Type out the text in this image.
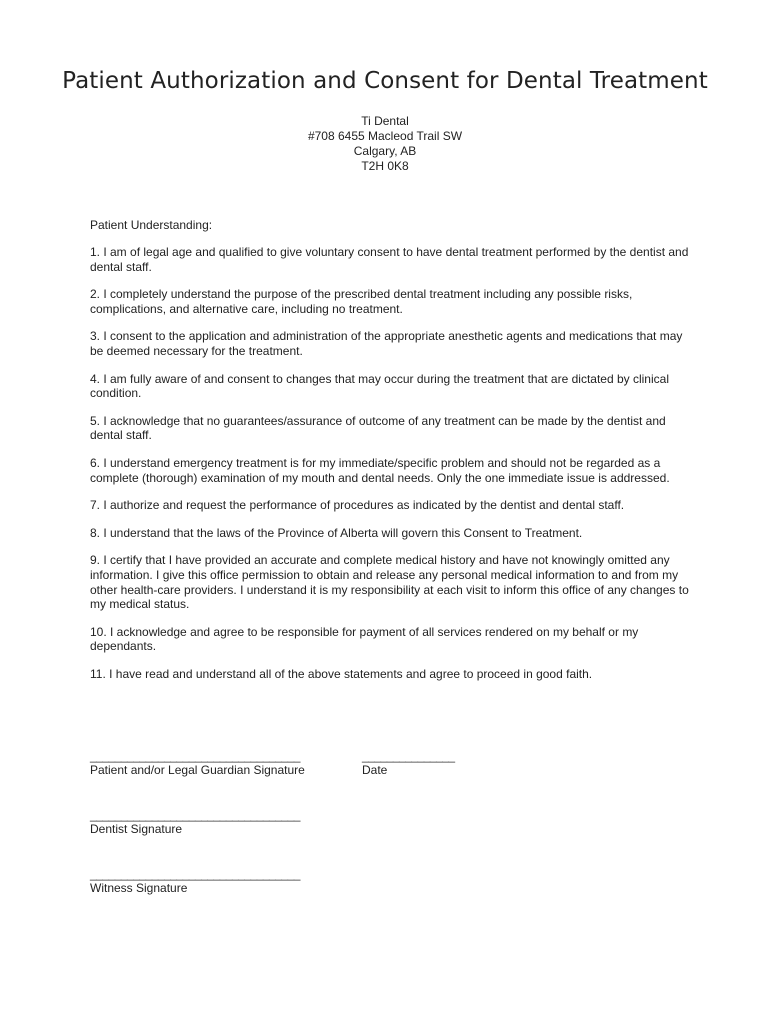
Patient Authorization and Consent for Dental Treatment
Ti Dental
#708 6455 Macleod Trail SW
Calgary, AB
T2H 0K8

Patient Understanding:

1. I am of legal age and qualified to give voluntary consent to have dental treatment performed by the dentist and dental staff.

2. I completely understand the purpose of the prescribed dental treatment including any possible risks, complications, and alternative care, including no treatment.

3. I consent to the application and administration of the appropriate anesthetic agents and medications that may be deemed necessary for the treatment.

4. I am fully aware of and consent to changes that may occur during the treatment that are dictated by clinical condition.

5. I acknowledge that no guarantees/assurance of outcome of any treatment can be made by the dentist and dental staff.

6. I understand emergency treatment is for my immediate/specific problem and should not be regarded as a complete (thorough) examination of my mouth and dental needs. Only the one immediate issue is addressed.

7. I authorize and request the performance of procedures as indicated by the dentist and dental staff.

8. I understand that the laws of the Province of Alberta will govern this Consent to Treatment.

9. I certify that I have provided an accurate and complete medical history and have not knowingly omitted any information. I give this office permission to obtain and release any personal medical information to and from my other health-care providers. I understand it is my responsibility at each visit to inform this office of any changes to my medical status.

10. I acknowledge and agree to be responsible for payment of all services rendered on my behalf or my dependants.

11. I have read and understand all of the above statements and agree to proceed in good faith.

__________________________________
Patient and/or Legal Guardian Signature
_______________
Date
__________________________________
Dentist Signature
__________________________________
Witness Signature
